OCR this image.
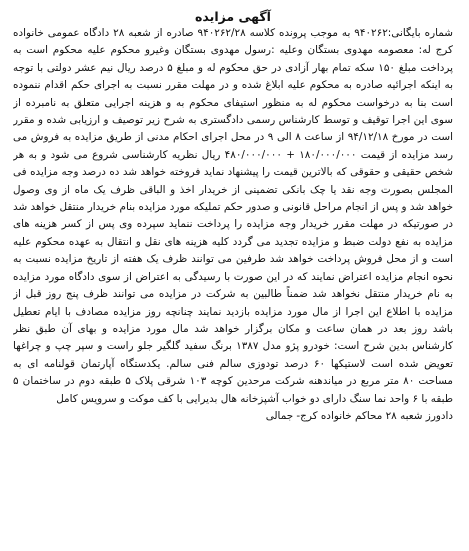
آگهی مزایده

شماره بایگانی:۹۴۰۲۶۲ به موجب پرونده کلاسه ۹۴۰۲۶۲/۲۸ صادره از شعبه ۲۸ دادگاه عمومی خانواده کرج له: معصومه مهدوی بستگان وعلیه :رسول مهدوی بستگان وغیرو محکوم علیه محکوم است به پرداخت مبلغ ۱۵۰ سکه تمام بهار آزادی در حق محکوم له و مبلغ ۵ درصد ریال نیم عشر دولتی با توجه به اینکه اجرائیه صادره به محکوم علیه ابلاغ شده و در مهلت مقرر نسبت به اجرای حکم اقدام ننموده است بنا به درخواست محکوم له به منظور استیفای محکوم به و هزینه اجرایی متعلق به نامبرده از سوی این اجرا توقیف و توسط کارشناس رسمی دادگستری به شرح زیر توصیف و ارزیابی شده و مقرر است در مورخ ۹۴/۱۲/۱۸ از ساعت ۸ الی ۹ در محل اجرای احکام مدنی از طریق مزایده به فروش می رسد مزایده از قیمت ۱۸۰/۰۰۰/۰۰۰ + ۴۸۰/۰۰۰/۰۰۰ ریال نظریه کارشناسی شروع می شود و به هر شخص حقیقی و حقوقی که بالاترین قیمت را پیشنهاد نماید فروخته خواهد شد ده درصد وجه مزایده فی المجلس بصورت وجه نقد یا چک بانکی تضمینی از خریدار اخذ و الباقی ظرف یک ماه از وی وصول خواهد شد و پس از انجام مراحل قانونی و صدور حکم تملیکه مورد مزایده بنام خریدار منتقل خواهد شد در صورتیکه در مهلت مقرر خریدار وجه مزایده را پرداخت ننماید سپرده وی پس از کسر هزینه های مزایده به نفع دولت ضبط و مزایده تجدید می گردد کلیه هزینه های نقل و انتقال به عهده محکوم علیه است و از محل فروش پرداخت خواهد شد طرفین می توانند ظرف یک هفته از تاریخ مزایده نسبت به نحوه انجام مزایده اعتراض نمایند که در این صورت با رسیدگی به اعتراض از سوی دادگاه مورد مزایده به نام خریدار منتقل نخواهد شد ضمناً طالبین به شرکت در مزایده می توانند ظرف پنج روز قبل از مزایده با اطلاع این اجرا از مال مورد مزایده بازدید نمایند چنانچه روز مزایده مصادف با ایام تعطیل باشد روز بعد در همان ساعت و مکان برگزار خواهد شد مال مورد مزایده و بهای آن طبق نظر کارشناس بدین شرح است: خودرو پژو مدل ۱۳۸۷ برنگ سفید گلگیر جلو راست و سپر چپ و چراغها تعویض شده است لاستیکها ۶۰ درصد تودوزی سالم فنی سالم. یکدستگاه آپارتمان قولنامه ای به مساحت ۸۰ متر مربع در میاندهنه شرکت مرحدین کوچه ۱۰۳ شرقی پلاک ۵ طبقه دوم در ساختمان ۵ طبقه با ۶ واحد نما سنگ دارای دو خواب آشپزخانه هال بدیرایی با کف موکت و سرویس کامل

دادورز شعبه ۲۸ محاکم خانواده کرج- جمالی
